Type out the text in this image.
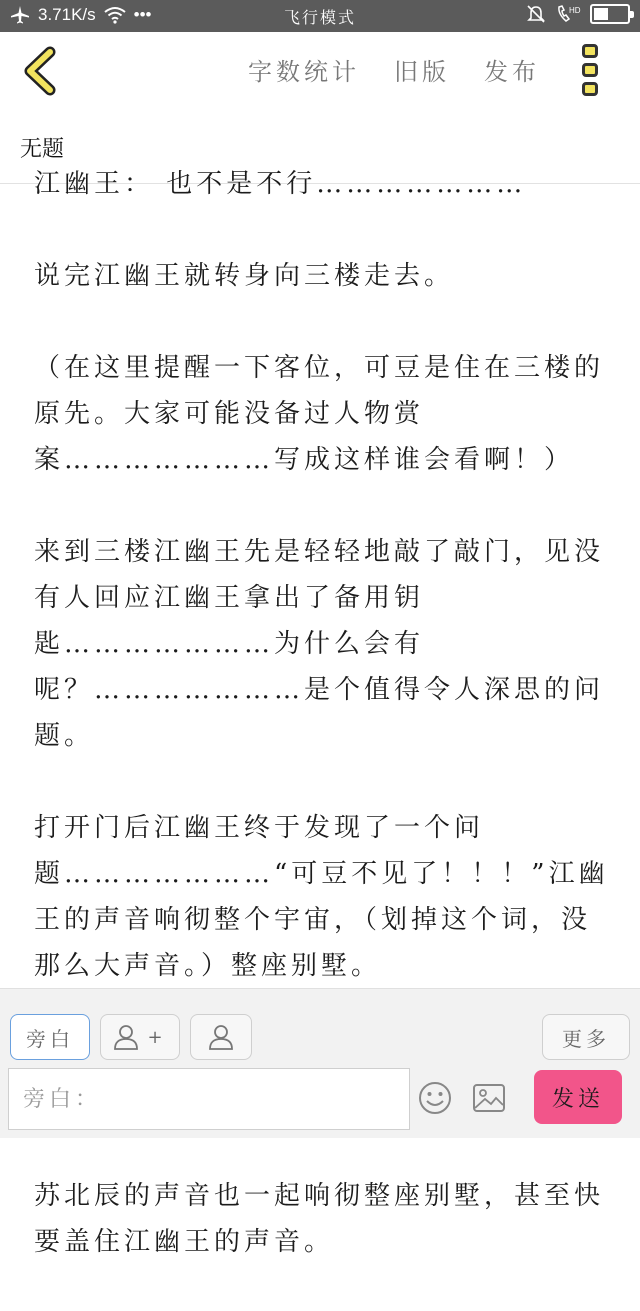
3.71K/s •••	飞行模式	HD
字数统计 旧版 发布
无题

江幽王： 也不是不行…………………

说完江幽王就转身向三楼走去。

（在这里提醒一下客位，可豆是住在三楼的原先。大家可能没备过人物赏案…………………写成这样谁会看啊！）

来到三楼江幽王先是轻轻地敲了敲门，见没有人回应江幽王拿出了备用钥匙…………………为什么会有呢？…………………是个值得令人深思的问题。

打开门后江幽王终于发现了一个问题…………………“可豆不见了！！！”江幽王的声音响彻整个宇宙，（划掉这个词，没那么大声音。）整座别墅。

苏北辰的声音也一起响彻整座别墅，甚至快要盖住江幽王的声音。

旁白	+	更多
旁白：
发送
